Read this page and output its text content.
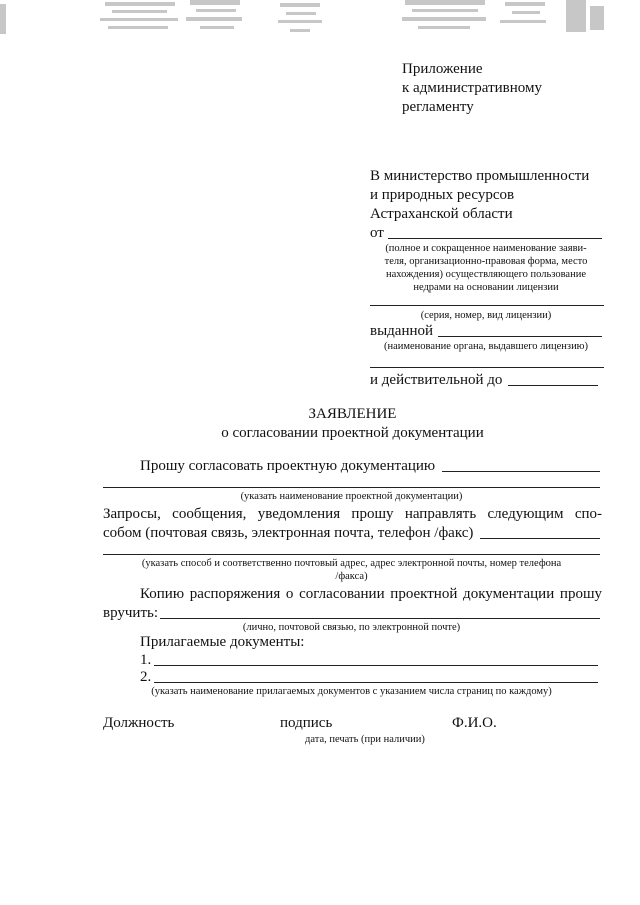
Приложение
к административному
регламенту
В министерство промышленности
и природных ресурсов
Астраханской области
от
(полное и сокращенное наименование заяви-
теля, организационно-правовая форма, место
нахождения) осуществляющего пользование
недрами на основании лицензии
(серия, номер, вид лицензии)
выданной
(наименование органа, выдавшего лицензию)
и действительной до
ЗАЯВЛЕНИЕ
о согласовании проектной документации
Прошу согласовать проектную документацию
(указать наименование проектной документации)
Запросы, сообщения, уведомления прошу направлять следующим спо-
собом (почтовая связь, электронная почта, телефон /факс)
(указать способ и соответственно почтовый адрес, адрес электронной почты, номер телефона
/факса)
Копию распоряжения о согласовании проектной документации прошу
вручить:
(лично, почтовой связью, по электронной почте)
Прилагаемые документы:
1.
2.
(указать наименование прилагаемых документов с указанием числа страниц по каждому)
Должность	подпись	Ф.И.О.
дата, печать (при наличии)
